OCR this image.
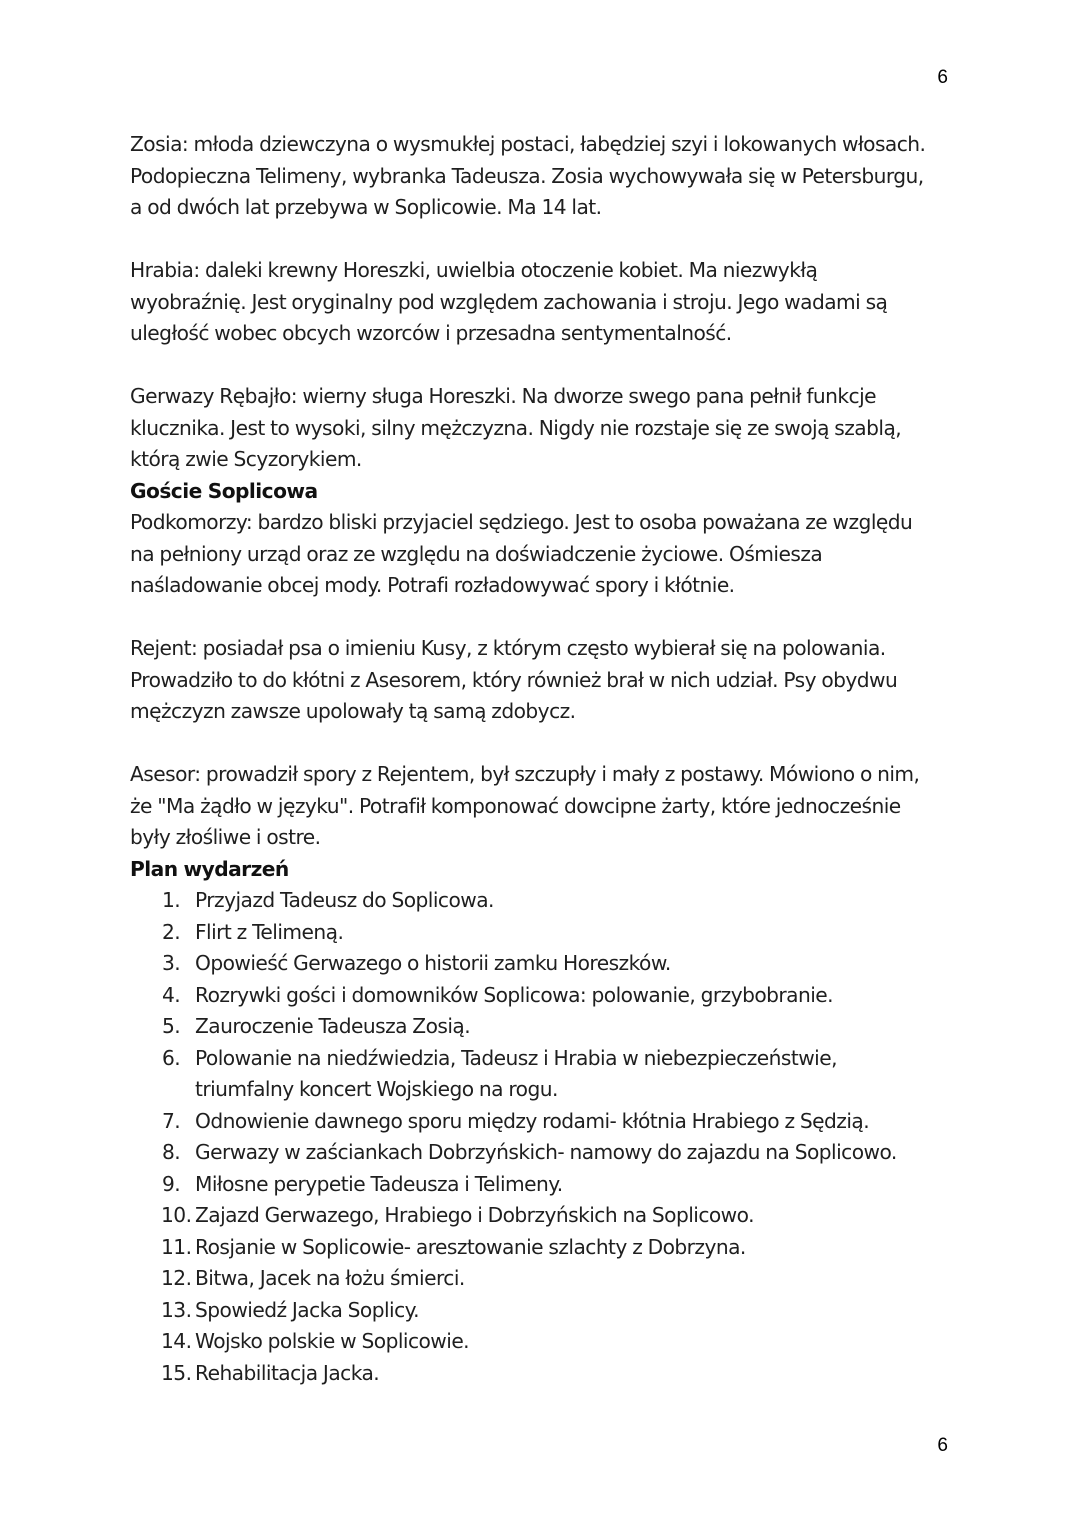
6

Zosia: młoda dziewczyna o wysmukłej postaci, łabędziej szyi i lokowanych włosach.

Podopieczna Telimeny, wybranka Tadeusza. Zosia wychowywała się w Petersburgu,

a od dwóch lat przebywa w Soplicowie. Ma 14 lat.

Hrabia: daleki krewny Horeszki, uwielbia otoczenie kobiet. Ma niezwykłą

wyobraźnię. Jest oryginalny pod względem zachowania i stroju. Jego wadami są

uległość wobec obcych wzorców i przesadna sentymentalność.

Gerwazy Rębajło: wierny sługa Horeszki. Na dworze swego pana pełnił funkcje

klucznika. Jest to wysoki, silny mężczyzna. Nigdy nie rozstaje się ze swoją szablą,

którą zwie Scyzorykiem.

Goście Soplicowa

Podkomorzy: bardzo bliski przyjaciel sędziego. Jest to osoba poważana ze względu

na pełniony urząd oraz ze względu na doświadczenie życiowe. Ośmiesza

naśladowanie obcej mody. Potrafi rozładowywać spory i kłótnie.

Rejent: posiadał psa o imieniu Kusy, z którym często wybierał się na polowania.

Prowadziło to do kłótni z Asesorem, który również brał w nich udział. Psy obydwu

mężczyzn zawsze upolowały tą samą zdobycz.

Asesor: prowadził spory z Rejentem, był szczupły i mały z postawy. Mówiono o nim,

że "Ma żądło w języku". Potrafił komponować dowcipne żarty, które jednocześnie

były złośliwe i ostre.

Plan wydarzeń

1. Przyjazd Tadeusz do Soplicowa.
2. Flirt z Telimeną.
3. Opowieść Gerwazego o historii zamku Horeszków.
4. Rozrywki gości i domowników Soplicowa: polowanie, grzybobranie.
5. Zauroczenie Tadeusza Zosią.
6. Polowanie na niedźwiedzia, Tadeusz i Hrabia w niebezpieczeństwie,
triumfalny koncert Wojskiego na rogu.
7. Odnowienie dawnego sporu między rodami- kłótnia Hrabiego z Sędzią.
8. Gerwazy w zaściankach Dobrzyńskich- namowy do zajazdu na Soplicowo.
9. Miłosne perypetie Tadeusza i Telimeny.
10. Zajazd Gerwazego, Hrabiego i Dobrzyńskich na Soplicowo.
11. Rosjanie w Soplicowie- aresztowanie szlachty z Dobrzyna.
12. Bitwa, Jacek na łożu śmierci.
13. Spowiedź Jacka Soplicy.
14. Wojsko polskie w Soplicowie.
15. Rehabilitacja Jacka.
6
